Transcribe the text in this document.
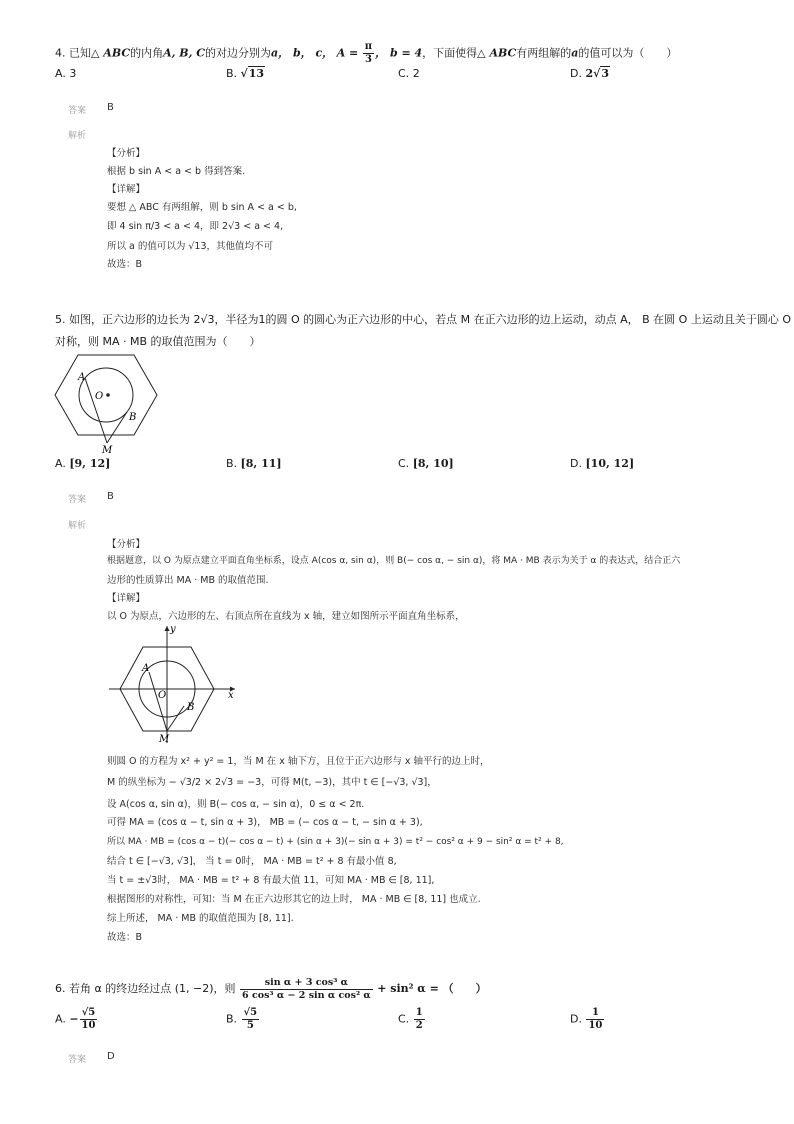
4. 已知△ ABC的内角A, B, C的对边分别为a， b， c， $A = \frac{\pi}{3}$ ， b = 4，下面使得△ ABC有两组解的a的值可以为（　　）
A. 3	B. √13	C. 2	D. 2√3
答案 B
解析
【分析】
根据 b sin A < a < b 得到答案.
【详解】
要想 △ ABC 有两组解，则 b sin A < a < b,
即 4 sin π/3 < a < 4，即 2√3 < a < 4,
所以 a 的值可以为 √13，其他值均不可
故选：B
5. 如图，正六边形的边长为 2√3，半径为1的圆 O 的圆心为正六边形的中心，若点 M 在正六边形的边上运动，动点 A， B 在圆 O 上运动且关于圆心 O
对称，则 MA · MB 的取值范围为（　　）
A
O
B
M
A. [9, 12]	B. [8, 11]	C. [8, 10]	D. [10, 12]
答案 B
解析
【分析】
根据题意，以 O 为原点建立平面直角坐标系，设点 A(cos α, sin α)，则 B(− cos α, − sin α)，将 MA · MB 表示为关于 α 的表达式，结合正六
边形的性质算出 MA · MB 的取值范围.
【详解】
以 O 为原点，六边形的左、右顶点所在直线为 x 轴，建立如图所示平面直角坐标系，
y
x
A
O
B
M
则圆 O 的方程为 x² + y² = 1，当 M 在 x 轴下方，且位于正六边形与 x 轴平行的边上时，
M 的纵坐标为 − √3/2 × 2√3 = −3，可得 M(t, −3)，其中 t ∈ [−√3, √3]，
设 A(cos α, sin α)，则 B(− cos α, − sin α)，0 ≤ α < 2π.
可得 MA = (cos α − t, sin α + 3)， MB = (− cos α − t, − sin α + 3),
所以 MA · MB = (cos α − t)(− cos α − t) + (sin α + 3)(− sin α + 3) = t² − cos² α + 9 − sin² α = t² + 8,
结合 t ∈ [−√3, √3]， 当 t = 0时， MA · MB = t² + 8 有最小值 8,
当 t = ±√3时， MA · MB = t² + 8 有最大值 11，可知 MA · MB ∈ [8, 11],
根据图形的对称性，可知：当 M 在正六边形其它的边上时， MA · MB ∈ [8, 11] 也成立.
综上所述， MA · MB 的取值范围为 [8, 11].
故选：B
6. 若角 α 的终边经过点 (1, −2)，则 $\frac{\text{sin α + 3 cos³ α}}{\text{6 cos³ α − 2 sin α cos² α}} + \sin^2$ α = （　　）
A. − $\frac{√5}{10}$	B. $\frac{√5}{5}$	C. $\frac{1}{2}$	D. $\frac{1}{10}$
答案 D
